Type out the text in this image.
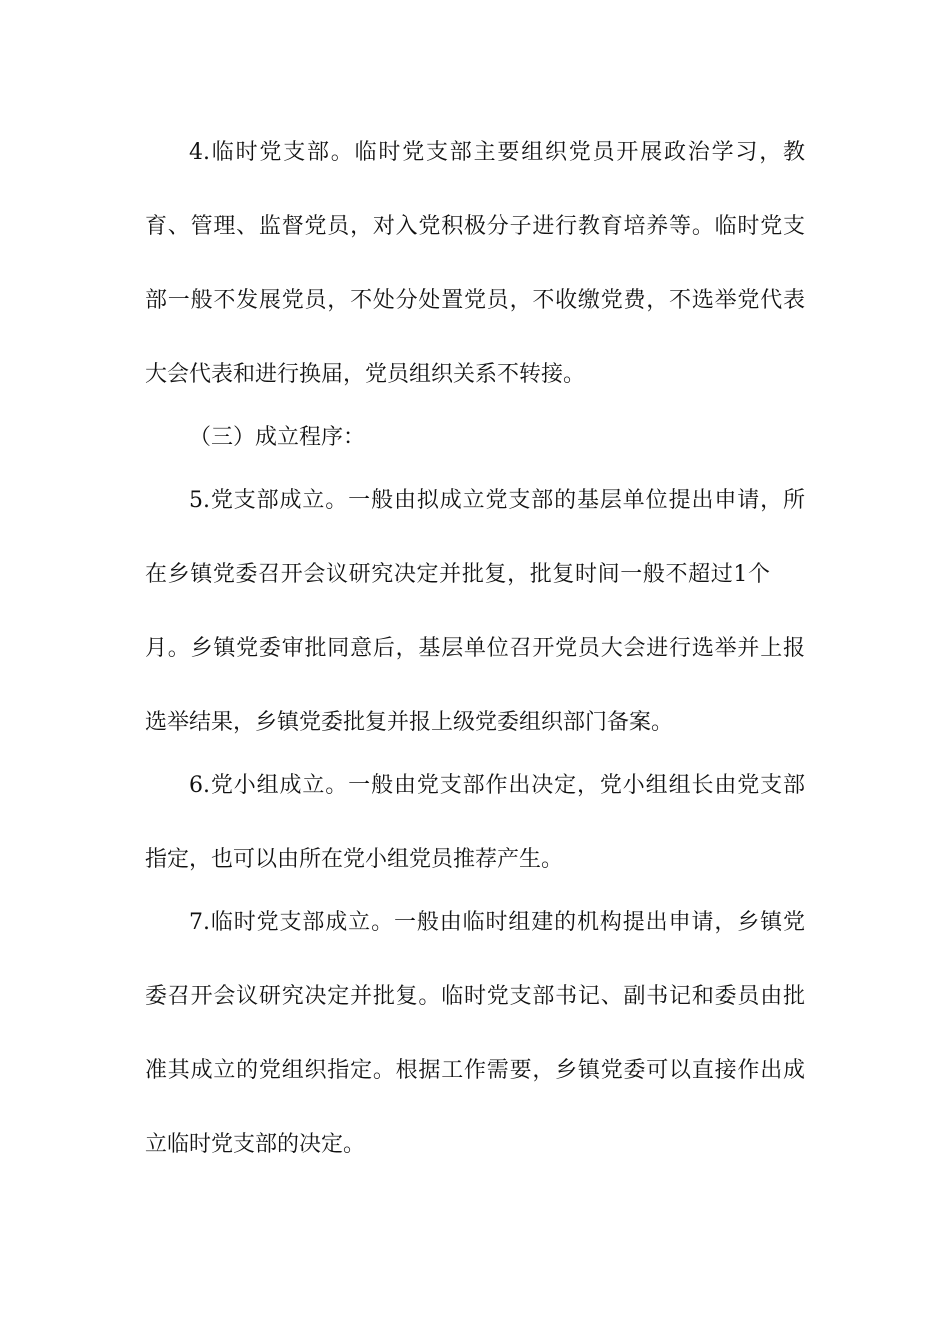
4.临时党支部。临时党支部主要组织党员开展政治学习，教
育、管理、监督党员，对入党积极分子进行教育培养等。临时党支
部一般不发展党员，不处分处置党员，不收缴党费，不选举党代表
大会代表和进行换届，党员组织关系不转接。
（三）成立程序：
5.党支部成立。一般由拟成立党支部的基层单位提出申请，所
在乡镇党委召开会议研究决定并批复，批复时间一般不超过1个
月。乡镇党委审批同意后，基层单位召开党员大会进行选举并上报
选举结果，乡镇党委批复并报上级党委组织部门备案。
6.党小组成立。一般由党支部作出决定，党小组组长由党支部
指定，也可以由所在党小组党员推荐产生。
7.临时党支部成立。一般由临时组建的机构提出申请，乡镇党
委召开会议研究决定并批复。临时党支部书记、副书记和委员由批
准其成立的党组织指定。根据工作需要，乡镇党委可以直接作出成
立临时党支部的决定。
